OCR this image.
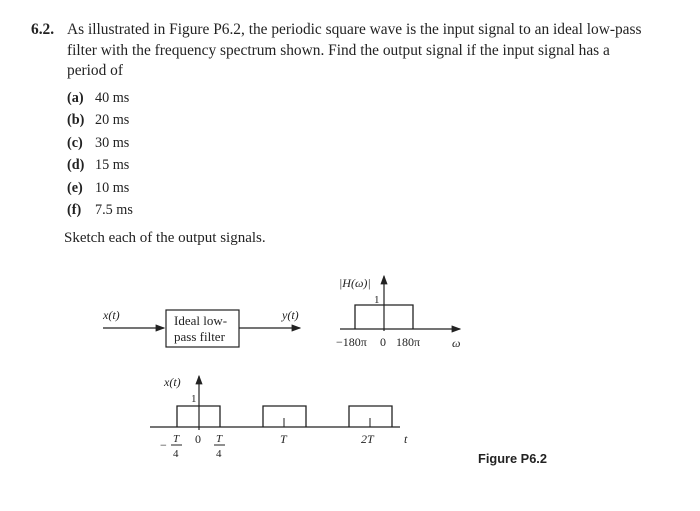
6.2. As illustrated in Figure P6.2, the periodic square wave is the input signal to an ideal low-pass filter with the frequency spectrum shown. Find the output signal if the input signal has a period of
(a) 40 ms
(b) 20 ms
(c) 30 ms
(d) 15 ms
(e) 10 ms
(f) 7.5 ms
Sketch each of the output signals.
x(t)	Ideal low-
pass filter
y(t)
|H(ω)|
1
−180π 0 180π	ω
x(t)
1
− T
4
0 T
4
T	2T	t
Figure P6.2
